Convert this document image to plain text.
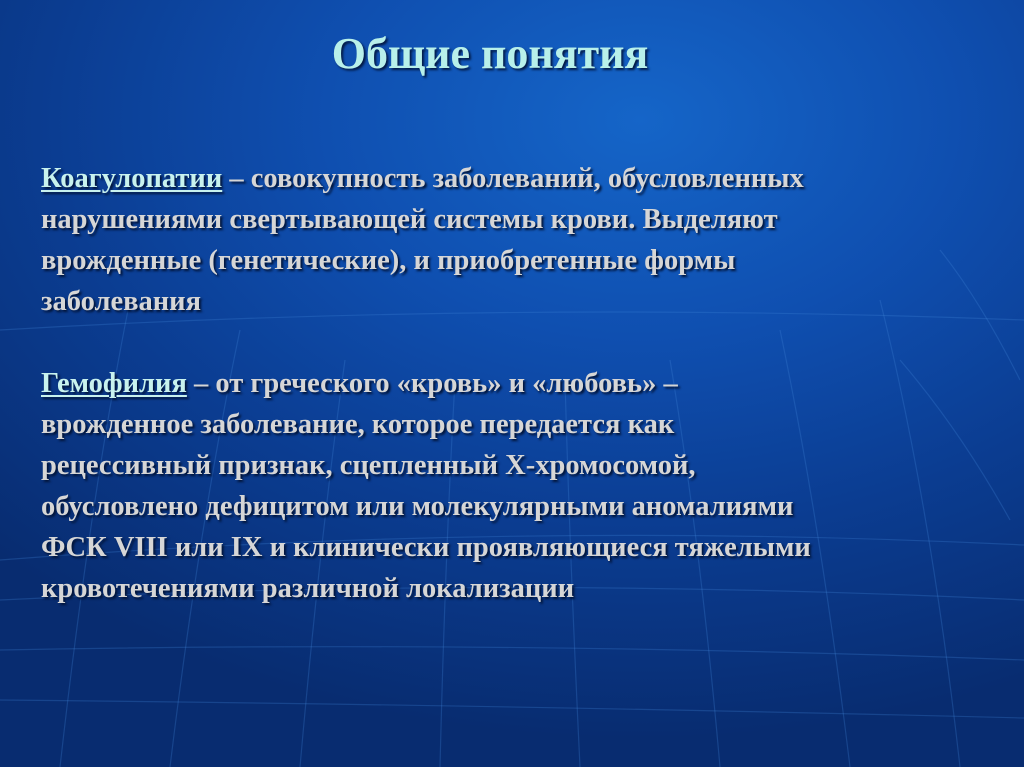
Общие понятия

Коагулопатии – совокупность заболеваний, обусловленных
нарушениями свертывающей системы крови. Выделяют
врожденные (генетические), и приобретенные формы
заболевания

Гемофилия – от греческого «кровь» и «любовь» –
врожденное заболевание, которое передается как
рецессивный признак, сцепленный Х-хромосомой,
обусловлено дефицитом или молекулярными аномалиями
ФСК VIII или IX и клинически проявляющиеся тяжелыми
кровотечениями различной локализации
